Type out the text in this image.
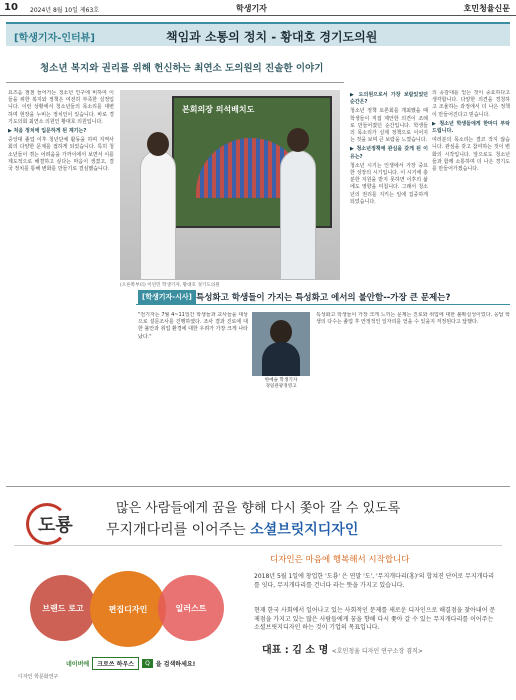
10 2024년 8월 10일 제63호	학생기자	호민청율신문
[학생기자-인터뷰]	책임과 소통의 정치 - 황대호 경기도의원
청소년 복지와 권리를 위해 헌신하는 최연소 도의원의 진솔한 이야기

요즈음 점점 늘어가는 청소년 인구에 비하여 이들을 위한 복지와 정책은 여전히 부족한 실정입니다. 이런 상황에서 청소년들의 목소리를 대변하며 현장을 누비는 정치인이 있습니다. 바로 경기도의회 최연소 의원인 황대호 의원입니다.

▶ 처음 정치에 입문하게 된 계기는?

중앙대 졸업 이후 청년단체 활동을 하며 지역사회의 다양한 문제를 접하게 되었습니다. 특히 청소년들이 겪는 어려움을 가까이에서 보면서 이를 제도적으로 해결하고 싶다는 마음이 생겼고, 결국 정치를 통해 변화를 만들기로 결심했습니다.

본회의장 의석배치도
(오른쪽부터) 이연민 학생기자, 황대호 경기도의원
▶ 도의원으로서 가장 보람있었던 순간은?

청소년 정책 토론회를 개최했을 때 학생들이 직접 제안한 의견이 조례로 만들어졌던 순간입니다. 학생들의 목소리가 실제 정책으로 이어지는 것을 보며 큰 보람을 느꼈습니다.

▶ 청소년정책에 관심을 갖게 된 이유는?

청소년 시기는 인생에서 가장 중요한 성장의 시기입니다. 이 시기에 충분한 지원을 받지 못하면 이후의 삶에도 영향을 미칩니다. 그래서 청소년의 권리를 지키는 일에 집중하게 되었습니다.

의 공감대를 얻는 것이 중요하다고 생각합니다. 다양한 의견을 경청하고 조율하는 과정에서 더 나은 정책이 만들어진다고 믿습니다.

▶ 청소년 학생들에게 한마디 부탁드립니다.

여러분의 목소리는 결코 작지 않습니다. 관심을 갖고 참여하는 것이 변화의 시작입니다. 앞으로도 청소년들과 함께 소통하며 더 나은 경기도를 만들어가겠습니다.

[학생기자-시사] 특성화고 학생들이 가지는 특성화고 에서의 불안함--가장 큰 문제는?

"전기자는 7월 4~11일간 학생들과 교사들을 대상으로 설문조사를 진행하였다. 조사 결과 진로에 대한 불안과 취업 환경에 대한 우려가 가장 크게 나타났다."

한예슬 학생기자
경일관광경영고

특성화고 학생들이 가장 크게 느끼는 문제는 진로와 취업에 대한 불확실성이었다. 응답 학생의 다수는 졸업 후 안정적인 일자리를 얻을 수 있을지 걱정된다고 답했다.

도룡
많은 사람들에게 꿈을 향해 다시 쫓아 갈 수 있도록
무지개다리를 이어주는 소셜브릿지디자인
브랜드 로고	편집디자인	일러스트
디자인은 마음에 행복해서 시작합니다
2018년 5월 1일에 창업한 '도룡' 은 연말 '도', '무지개다리(홍)'의 합쳐진 단어로 무지개다리를 잇다, 무지개다리를 건너다 라는 뜻을 가지고 있습니다.
현재 한국 사회에서 일어나고 있는 사회적인 문제를 새로운 디자인으로 해결점을 찾아내어 문제점을 가지고 있는 많은 사람들에게 꿈을 향해 다시 쫓아 갈 수 있는 무지개다리를 이어주는 소셜브릿지디자인 하는 것이 기업의 목표입니다.
대표 : 김 소 명 <호민청율 디자인 연구소장 겸직>
네이버에	크로쓰 하우스	Q	을 검색하세요!
디자인 학문화연구
